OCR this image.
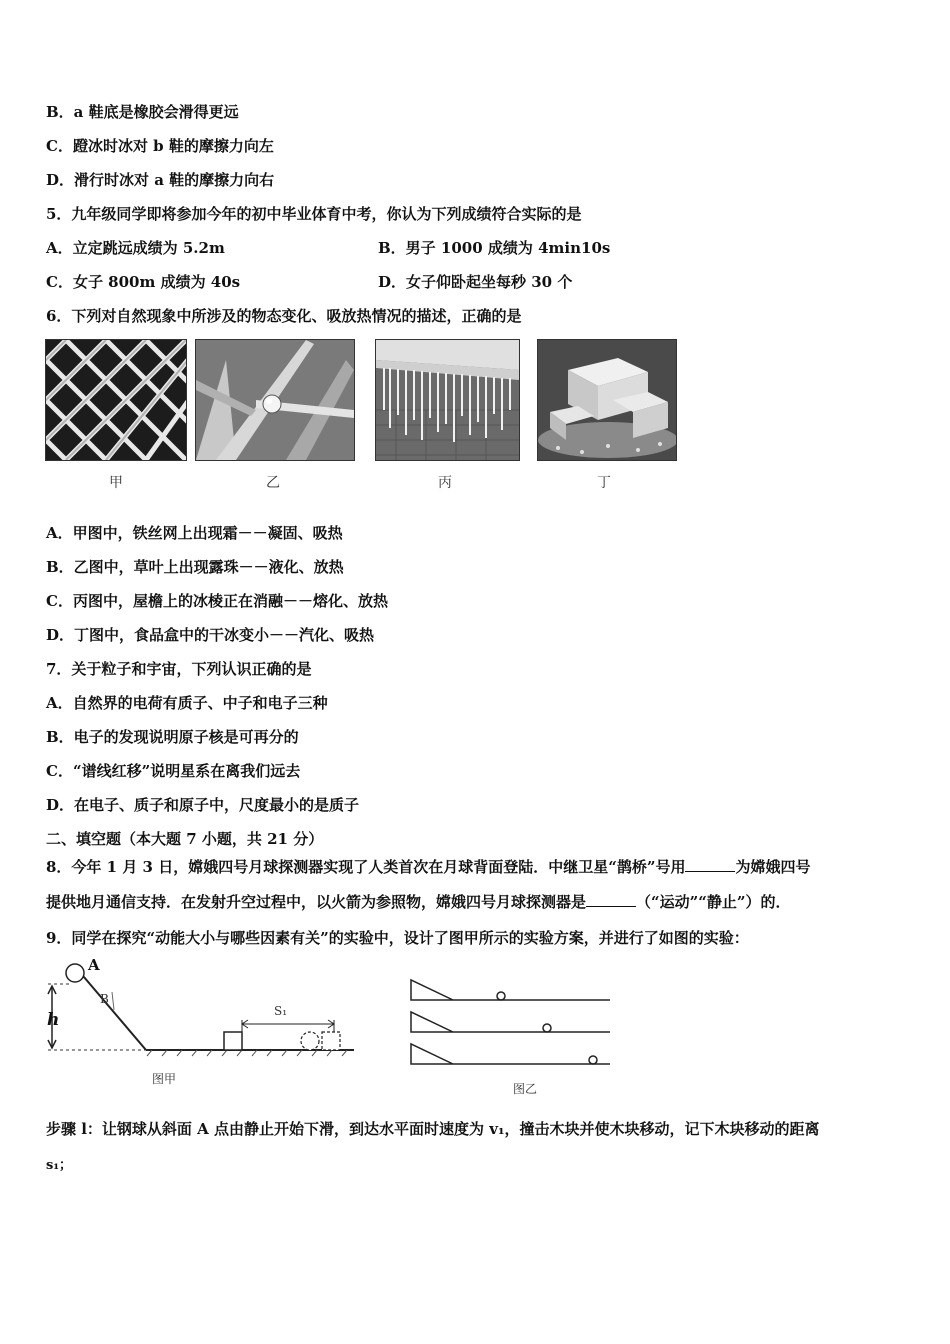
B．a 鞋底是橡胶会滑得更远
C．蹬冰时冰对 b 鞋的摩擦力向左
D．滑行时冰对 a 鞋的摩擦力向右
5．九年级同学即将参加今年的初中毕业体育中考，你认为下列成绩符合实际的是
A．立定跳远成绩为 5.2m	B．男子 1000 成绩为 4min10s
C．女子 800m 成绩为 40s	D．女子仰卧起坐每秒 30 个
6．下列对自然现象中所涉及的物态变化、吸放热情况的描述，正确的是
甲	乙	丙	丁
A．甲图中，铁丝网上出现霜－－凝固、吸热
B．乙图中，草叶上出现露珠－－液化、放热
C．丙图中，屋檐上的冰棱正在消融－－熔化、放热
D．丁图中，食品盒中的干冰变小－－汽化、吸热
7．关于粒子和宇宙，下列认识正确的是
A．自然界的电荷有质子、中子和电子三种
B．电子的发现说明原子核是可再分的
C．“谱线红移”说明星系在离我们远去
D．在电子、质子和原子中，尺度最小的是质子
二、填空题（本大题 7 小题，共 21 分）
8．今年 1 月 3 日，嫦娥四号月球探测器实现了人类首次在月球背面登陆．中继卫星“鹊桥”号用	为嫦娥四号
提供地月通信支持．在发射升空过程中，以火箭为参照物，嫦娥四号月球探测器是	（“运动”“静止”）的．
9．同学在探究“动能大小与哪些因素有关”的实验中，设计了图甲所示的实验方案，并进行了如图的实验：
A
B
h	S₁
图甲
图乙
步骤 l：让钢球从斜面 A 点由静止开始下滑，到达水平面时速度为 v₁，撞击木块并使木块移动，记下木块移动的距离
s₁；
